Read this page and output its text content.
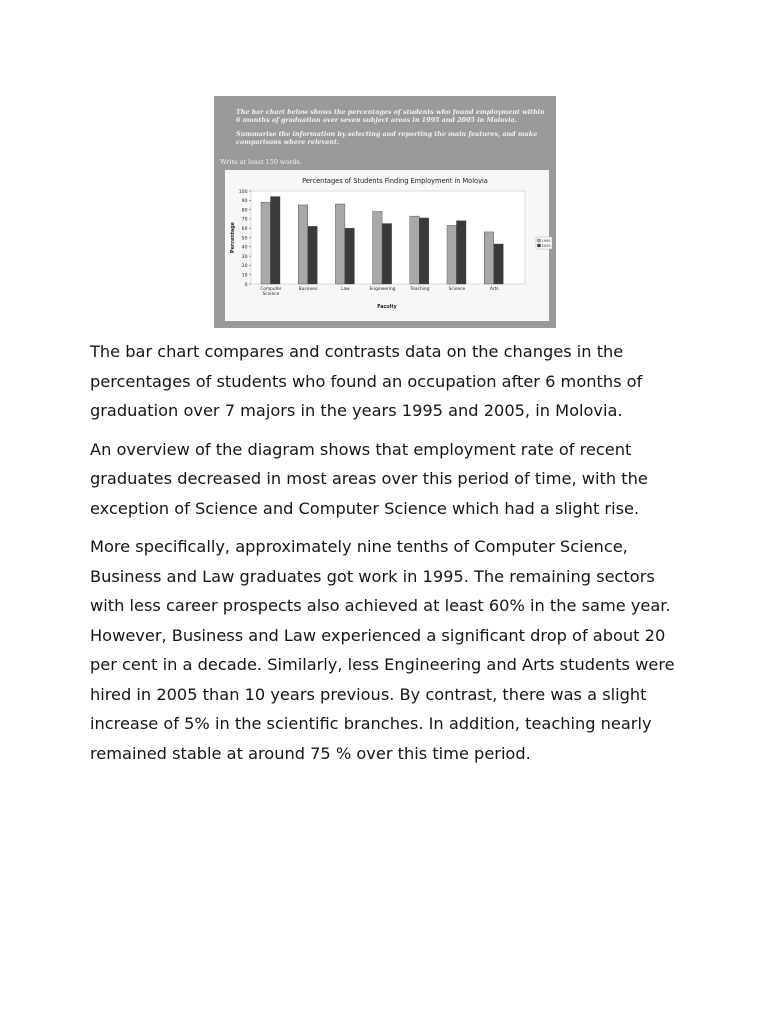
The bar chart below shows the percentages of students who found employment within 6 months of graduation over seven subject areas in 1995 and 2005 in Molovia.

Summarise the information by selecting and reporting the main features, and make comparisons where relevant.

Write at least 150 words.
Percentages of Students Finding Employment in Molovia
0
10
20
30
40
50
60
70
80
90
100
Percentage
Computer
Science
Business	Law	Engineering	Teaching	Science	Arts
Faculty
1995
2005

The bar chart compares and contrasts data on the changes in the percentages of students who found an occupation after 6 months of graduation over 7 majors in the years 1995 and 2005, in Molovia.

An overview of the diagram shows that employment rate of recent graduates decreased in most areas over this period of time, with the exception of Science and Computer Science which had a slight rise.

More specifically, approximately nine tenths of Computer Science, Business and Law graduates got work in 1995. The remaining sectors with less career prospects also achieved at least 60% in the same year. However, Business and Law experienced a significant drop of about 20 per cent in a decade. Similarly, less Engineering and Arts students were hired in 2005 than 10 years previous. By contrast, there was a slight increase of 5% in the scientific branches. In addition, teaching nearly remained stable at around 75 % over this time period.
